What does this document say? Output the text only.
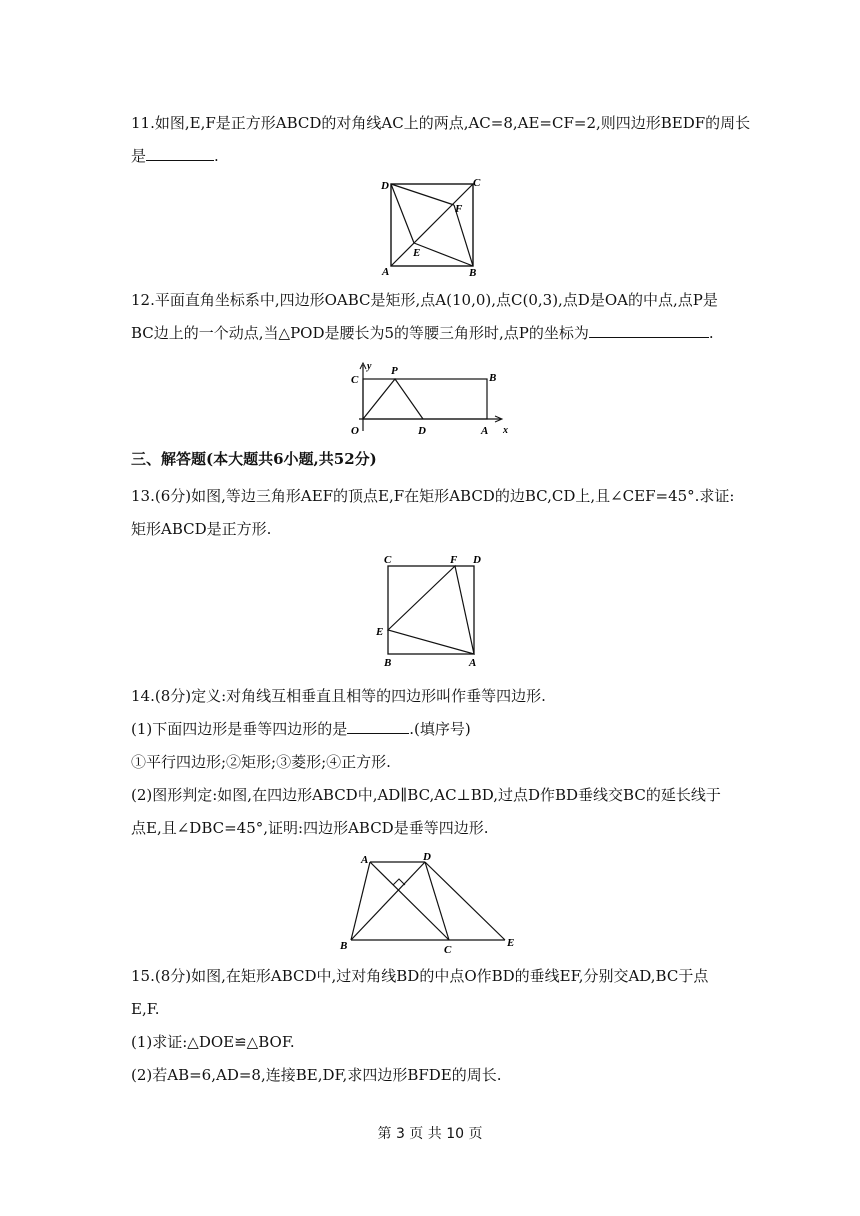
11.如图,E,F是正方形ABCD的对角线AC上的两点,AC=8,AE=CF=2,则四边形BEDF的周长
是	.
D	C
F
E
A	B
12.平面直角坐标系中,四边形OABC是矩形,点A(10,0),点C(0,3),点D是OA的中点,点P是
BC边上的一个动点,当△POD是腰长为5的等腰三角形时,点P的坐标为	.
y
x
C
P
B
O	D	A
三、解答题(本大题共6小题,共52分)
13.(6分)如图,等边三角形AEF的顶点E,F在矩形ABCD的边BC,CD上,且∠CEF=45°.求证:
矩形ABCD是正方形.
C	F D
E
B	A
14.(8分)定义:对角线互相垂直且相等的四边形叫作垂等四边形.
(1)下面四边形是垂等四边形的是	.(填序号)
①平行四边形;②矩形;③菱形;④正方形.
(2)图形判定:如图,在四边形ABCD中,AD∥BC,AC⊥BD,过点D作BD垂线交BC的延长线于
点E,且∠DBC=45°,证明:四边形ABCD是垂等四边形.
A	D
B	C
E
15.(8分)如图,在矩形ABCD中,过对角线BD的中点O作BD的垂线EF,分别交AD,BC于点
E,F.
(1)求证:△DOE≌△BOF.
(2)若AB=6,AD=8,连接BE,DF,求四边形BFDE的周长.
第 3 页 共 10 页
